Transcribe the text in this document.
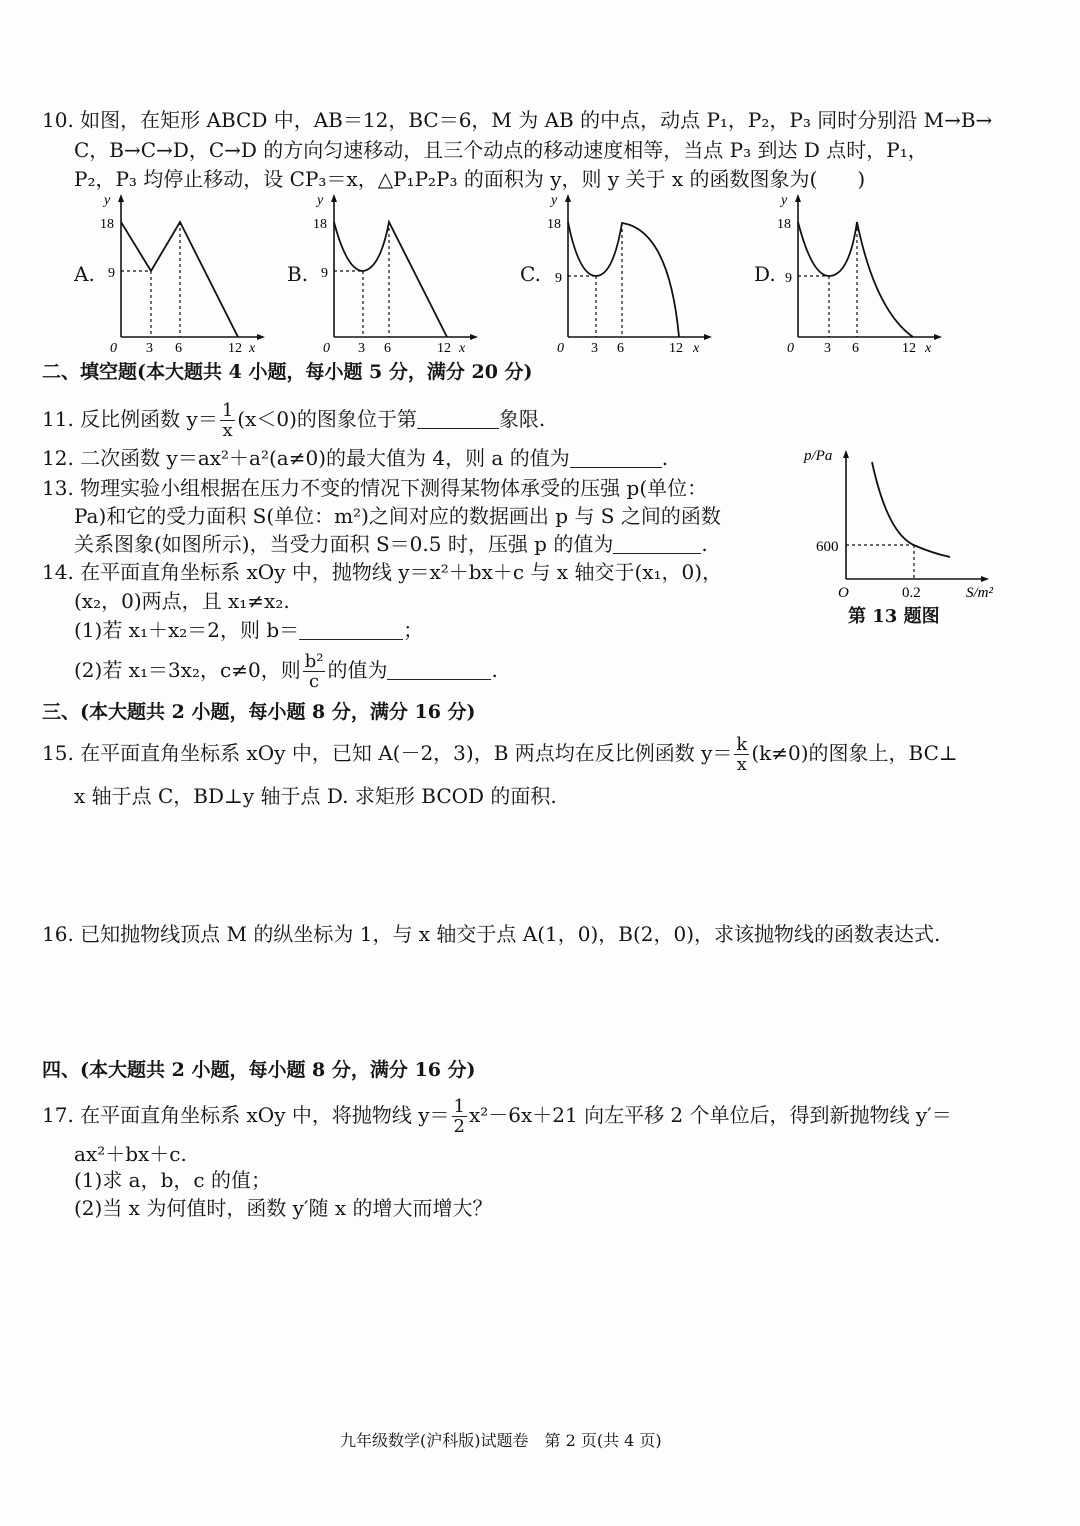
10. 如图，在矩形 ABCD 中，AB＝12，BC＝6，M 为 AB 的中点，动点 P₁，P₂，P₃ 同时分别沿 M→B→
C，B→C→D，C→D 的方向匀速移动，且三个动点的移动速度相等，当点 P₃ 到达 D 点时，P₁，
P₂，P₃ 均停止移动，设 CP₃＝x，△P₁P₂P₃ 的面积为 y，则 y 关于 x 的函数图象为(　　)
A.
y
18
9
0 3 6	12 x
B.
y
18
9
0 3 6	12 x
C.
y
18
9
0 3 6	12 x
D.
y
18
9
0 3 6	12 x
二、填空题(本大题共 4 小题，每小题 5 分，满分 20 分)
11. 反比例函数 $y= \frac{1}{x} (x<0)$的图象位于第	象限.
12. 二次函数 y＝ax²＋a²(a≠0)的最大值为 4，则 a 的值为	.
13. 物理实验小组根据在压力不变的情况下测得某物体承受的压强 p(单位：
Pa)和它的受力面积 S(单位：m²)之间对应的数据画出 p 与 S 之间的函数
关系图象(如图所示)，当受力面积 S＝0.5 时，压强 p 的值为	.
p/Pa
600
O	0.2	S/m²
第 13 题图
14. 在平面直角坐标系 xOy 中，抛物线 y＝x²＋bx＋c 与 x 轴交于(x₁，0)，
(x₂，0)两点，且 x₁≠x₂.
(1)若 x₁＋x₂＝2，则 b＝	；
(2)若 x₁＝3x₂，c≠0，则 $\frac{\text{b²}}{c}$ 的值为	.
三、(本大题共 2 小题，每小题 8 分，满分 16 分)
15. 在平面直角坐标系 xOy 中，已知 A(－2，3)，B 两点均在反比例函数 $y= \frac{k}{x} (k\ne 0)$的图象上，BC⊥
x 轴于点 C，BD⊥y 轴于点 D. 求矩形 BCOD 的面积.
16. 已知抛物线顶点 M 的纵坐标为 1，与 x 轴交于点 A(1，0)，B(2，0)，求该抛物线的函数表达式.
四、(本大题共 2 小题，每小题 8 分，满分 16 分)
17. 在平面直角坐标系 xOy 中，将抛物线 $y= \frac{1}{2} x^2-6x+21$ 向左平移 2 个单位后，得到新抛物线 y′＝
ax²＋bx＋c.
(1)求 a，b，c 的值；
(2)当 x 为何值时，函数 y′随 x 的增大而增大？
九年级数学(沪科版)试题卷　第 2 页(共 4 页)
